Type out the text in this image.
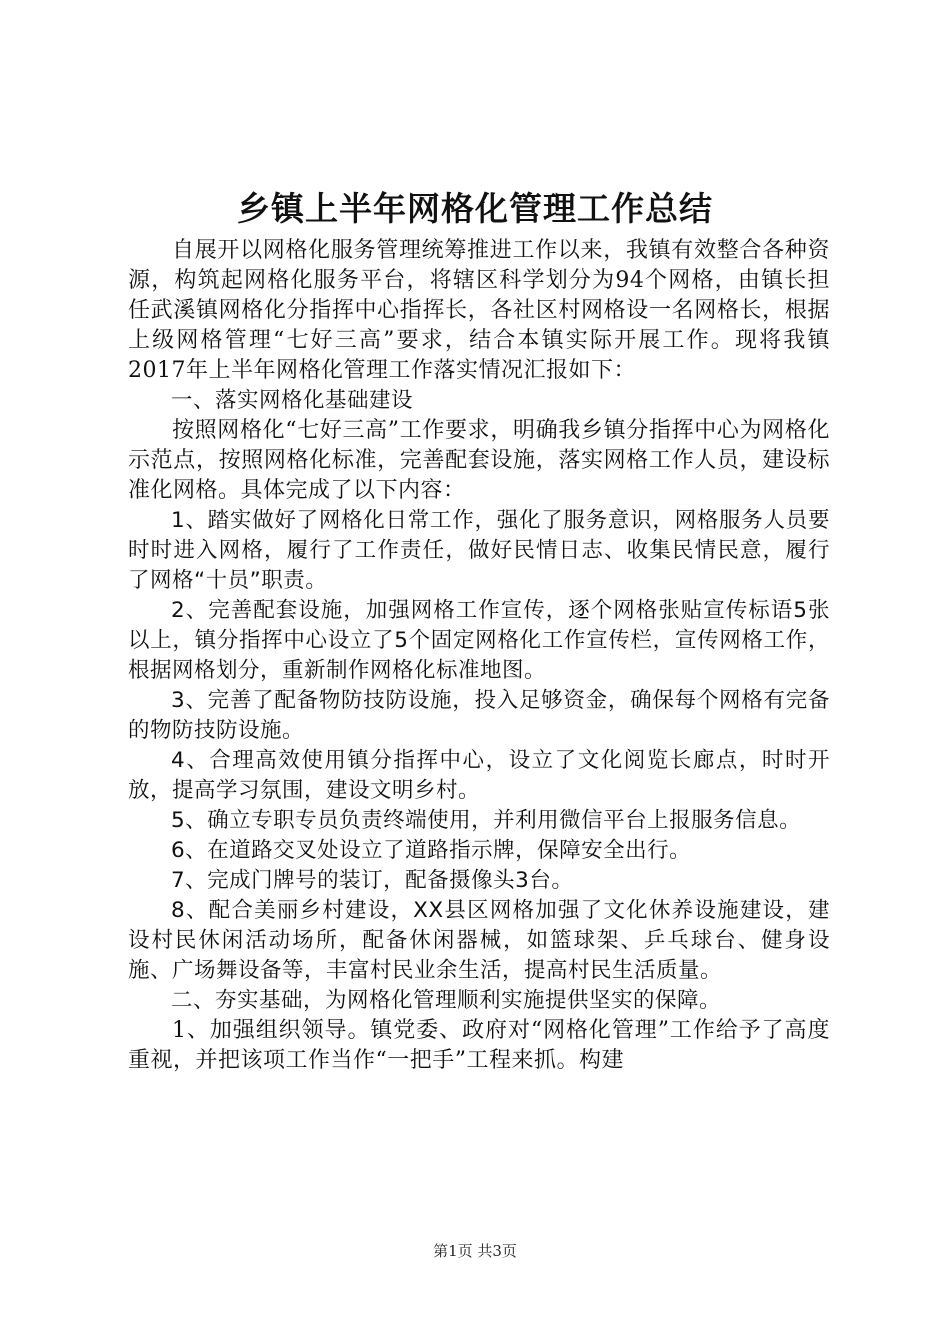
乡镇上半年网格化管理工作总结

自展开以网格化服务管理统筹推进工作以来，我镇有效整合各种资源，构筑起网格化服务平台，将辖区科学划分为94个网格，由镇长担任武溪镇网格化分指挥中心指挥长，各社区村网格设一名网格长，根据上级网格管理“七好三高”要求，结合本镇实际开展工作。现将我镇2017年上半年网格化管理工作落实情况汇报如下：

一、落实网格化基础建设

按照网格化“七好三高”工作要求，明确我乡镇分指挥中心为网格化示范点，按照网格化标准，完善配套设施，落实网格工作人员，建设标准化网格。具体完成了以下内容：

1、踏实做好了网格化日常工作，强化了服务意识，网格服务人员要时时进入网格，履行了工作责任，做好民情日志、收集民情民意，履行了网格“十员”职责。

2、完善配套设施，加强网格工作宣传，逐个网格张贴宣传标语5张以上，镇分指挥中心设立了5个固定网格化工作宣传栏，宣传网格工作，根据网格划分，重新制作网格化标准地图。

3、完善了配备物防技防设施，投入足够资金，确保每个网格有完备的物防技防设施。

4、合理高效使用镇分指挥中心，设立了文化阅览长廊点，时时开放，提高学习氛围，建设文明乡村。

5、确立专职专员负责终端使用，并利用微信平台上报服务信息。

6、在道路交叉处设立了道路指示牌，保障安全出行。

7、完成门牌号的装订，配备摄像头3台。

8、配合美丽乡村建设，XX县区网格加强了文化休养设施建设，建设村民休闲活动场所，配备休闲器械，如篮球架、乒乓球台、健身设施、广场舞设备等，丰富村民业余生活，提高村民生活质量。

二、夯实基础，为网格化管理顺利实施提供坚实的保障。

1、加强组织领导。镇党委、政府对“网格化管理”工作给予了高度重视，并把该项工作当作“一把手”工程来抓。构建

第1页 共3页
